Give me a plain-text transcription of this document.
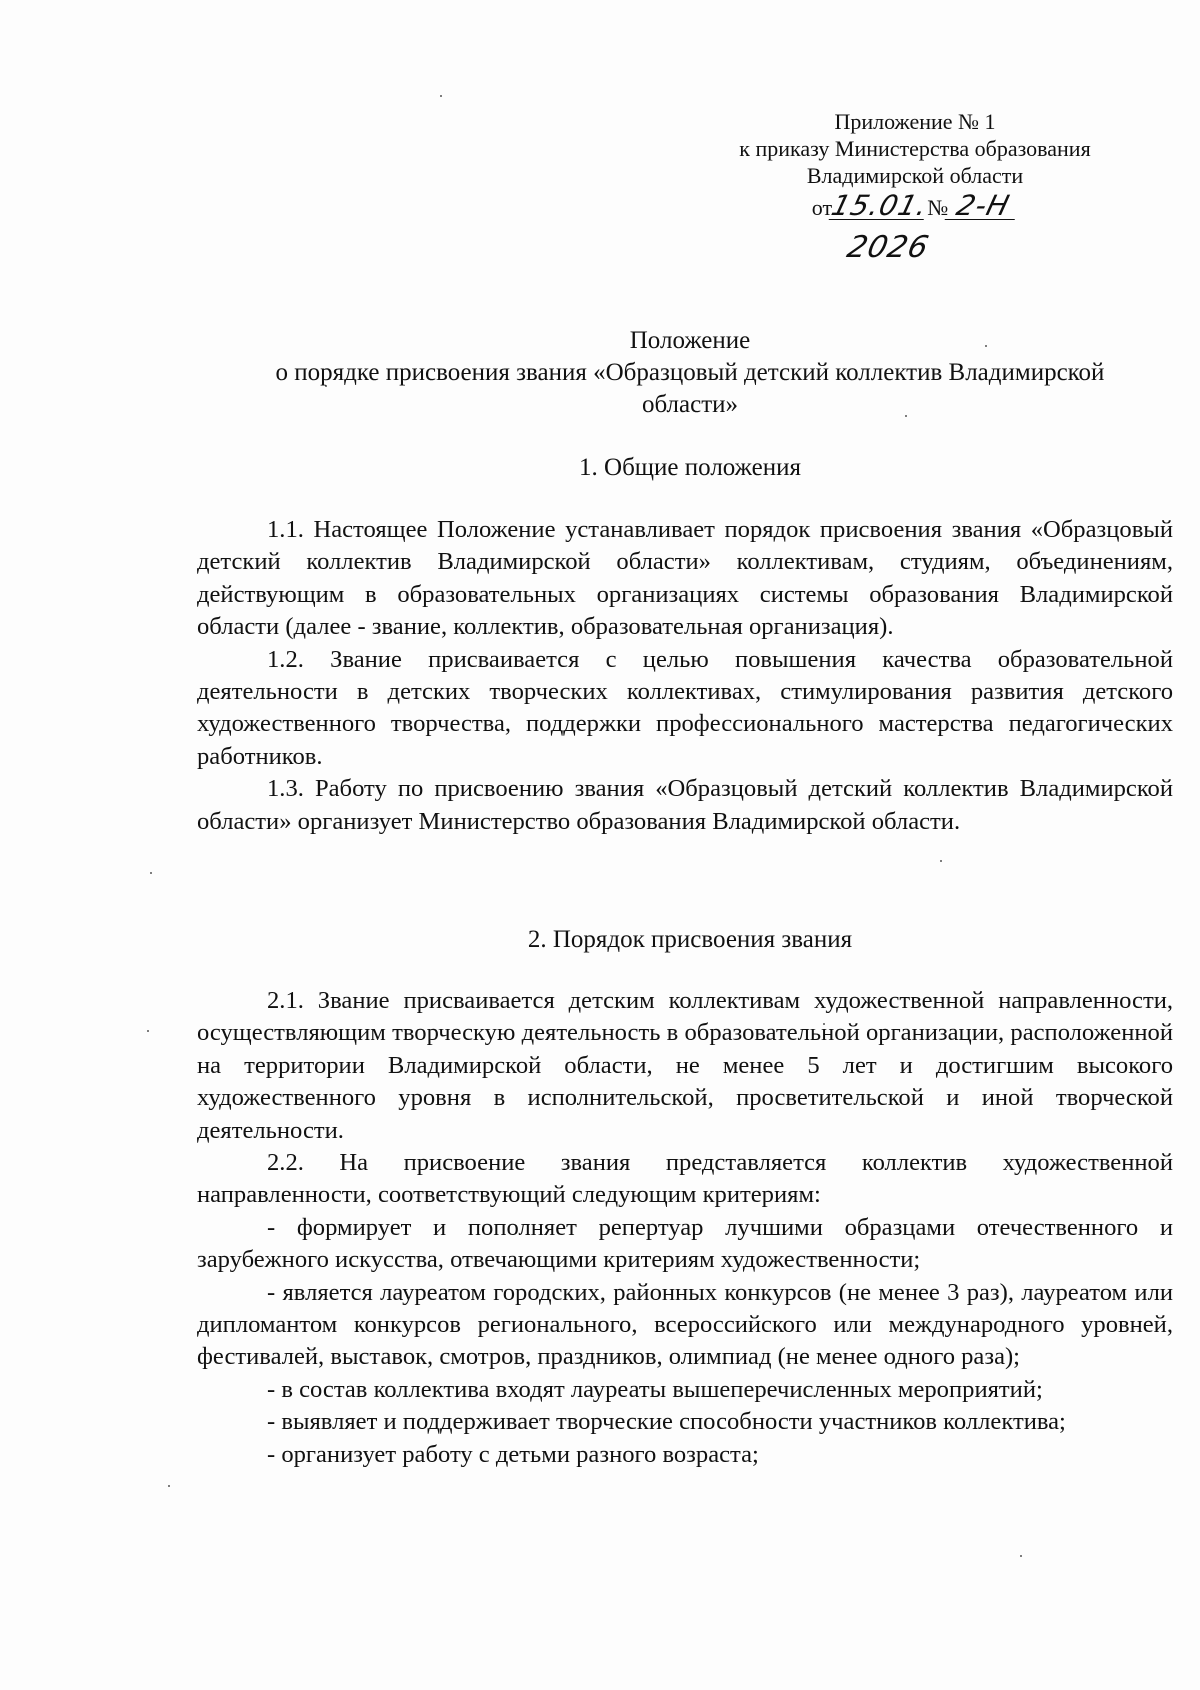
Приложение № 1
к приказу Министерства образования
Владимирской области
от15.01.№ 2-Н
2026
Положение
о порядке присвоения звания «Образцовый детский коллектив Владимирской
области»
1. Общие положения

1.1. Настоящее Положение устанавливает порядок присвоения звания «Образцовый детский коллектив Владимирской области» коллективам, студиям, объединениям, действующим в образовательных организациях системы образования Владимирской области (далее - звание, коллектив, образовательная организация).

1.2. Звание присваивается с целью повышения качества образовательной деятельности в детских творческих коллективах, стимулирования развития детского художественного творчества, поддержки профессионального мастерства педагогических работников.

1.3. Работу по присвоению звания «Образцовый детский коллектив Владимирской области» организует Министерство образования Владимирской области.

2. Порядок присвоения звания

2.1. Звание присваивается детским коллективам художественной направленности, осуществляющим творческую деятельность в образовательной организации, расположенной на территории Владимирской области, не менее 5 лет и достигшим высокого художественного уровня в исполнительской, просветительской и иной творческой деятельности.

2.2. На присвоение звания представляется коллектив художественной направленности, соответствующий следующим критериям:

- формирует и пополняет репертуар лучшими образцами отечественного и зарубежного искусства, отвечающими критериям художественности;

- является лауреатом городских, районных конкурсов (не менее 3 раз), лауреатом или дипломантом конкурсов регионального, всероссийского или международного уровней, фестивалей, выставок, смотров, праздников, олимпиад (не менее одного раза);

- в состав коллектива входят лауреаты вышеперечисленных мероприятий;

- выявляет и поддерживает творческие способности участников коллектива;

- организует работу с детьми разного возраста;
